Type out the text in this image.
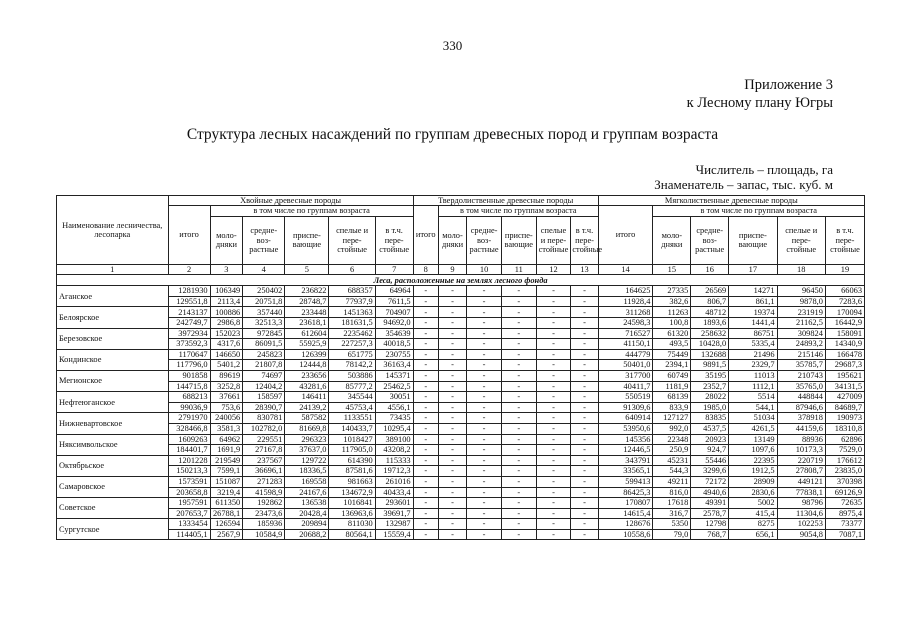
330
Приложение 3
к Лесному плану Югры
Структура лесных насаждений по группам древесных пород и группам возраста
Числитель – площадь, га
Знаменатель – запас, тыс. куб. м
Наименование лесничества, лесопарка	Хвойные древесные породы						Твердолиственные древесные породы						Мягколиственные древесные породы					
	итого	в том числе по группам возраста					итого	в том числе по группам возраста					итого	в том числе по группам возраста				
		моло-дняки	средне-воз-растные	приспе-вающие	спелые и пере-стойные	в т.ч. пере-стойные		моло-дняки	средне-воз-растные	приспе-вающие	спелые и пере-стойные	в т.ч. пере-стойные		моло-дняки	средне-воз-растные	приспе-вающие	спелые и пере-стойные	в т.ч. пере-стойные
1	2	3	4	5	6	7	8	9	10	11	12	13	14	15	16	17	18	19
Леса, расположенные на землях лесного фонда																		
Аганское	1281930	106349	250402	236822	688357	64964	-	-	-	-	-	-	164625	27335	26569	14271	96450	66063
	129551,8	2113,4	20751,8	28748,7	77937,9	7611,5	-	-	-	-	-	-	11928,4	382,6	806,7	861,1	9878,0	7283,6
Белоярское	2143137	100886	357440	233448	1451363	704907	-	-	-	-	-	-	311268	11263	48712	19374	231919	170094
	242749,7	2986,8	32513,3	23618,1	181631,5	94692,0	-	-	-	-	-	-	24598,3	100,8	1893,6	1441,4	21162,5	16442,9
Березовское	3972934	152023	972845	612604	2235462	354639	-	-	-	-	-	-	716527	61320	258632	86751	309824	158091
	373592,3	4317,6	86091,5	55925,9	227257,3	40018,5	-	-	-	-	-	-	41150,1	493,5	10428,0	5335,4	24893,2	14340,9
Кондинское	1170647	146650	245823	126399	651775	230755	-	-	-	-	-	-	444779	75449	132688	21496	215146	166478
	117796,0	5401,2	21807,8	12444,8	78142,2	36163,4	-	-	-	-	-	-	50401,0	2394,1	9891,5	2329,7	35785,7	29687,3
Мегионское	901858	89619	74697	233656	503886	145371	-	-	-	-	-	-	317700	60749	35195	11013	210743	195621
	144715,8	3252,8	12404,2	43281,6	85777,2	25462,5	-	-	-	-	-	-	40411,7	1181,9	2352,7	1112,1	35765,0	34131,5
Нефтеюганское	688213	37661	158597	146411	345544	30051	-	-	-	-	-	-	550519	68139	28022	5514	448844	427009
	99036,9	753,6	28390,7	24139,2	45753,4	4556,1	-	-	-	-	-	-	91309,6	833,9	1985,0	544,1	87946,6	84689,7
Нижневартовское	2791970	240056	830781	587582	1133551	73435	-	-	-	-	-	-	640914	127127	83835	51034	378918	190973
	328466,8	3581,3	102782,0	81669,8	140433,7	10295,4	-	-	-	-	-	-	53950,6	992,0	4537,5	4261,5	44159,6	18310,8
Няксимвольское	1609263	64962	229551	296323	1018427	389100	-	-	-	-	-	-	145356	22348	20923	13149	88936	62896
	184401,7	1691,9	27167,8	37637,0	117905,0	43208,2	-	-	-	-	-	-	12446,5	250,9	924,7	1097,6	10173,3	7529,0
Октябрьское	1201228	219549	237567	129722	614390	115333	-	-	-	-	-	-	343791	45231	55446	22395	220719	176612
	150213,3	7599,1	36696,1	18336,5	87581,6	19712,3	-	-	-	-	-	-	33565,1	544,3	3299,6	1912,5	27808,7	23835,0
Самаровское	1573591	151087	271283	169558	981663	261016	-	-	-	-	-	-	599413	49211	72172	28909	449121	370398
	203658,8	3219,4	41598,9	24167,6	134672,9	40433,4	-	-	-	-	-	-	86425,3	816,0	4940,6	2830,6	77838,1	69126,9
Советское	1957591	611350	192862	136538	1016841	293601	-	-	-	-	-	-	170807	17618	49391	5002	98796	72635
	207653,7	26788,1	23473,6	20428,4	136963,6	39691,7	-	-	-	-	-	-	14615,4	316,7	2578,7	415,4	11304,6	8975,4
Сургутское	1333454	126594	185936	209894	811030	132987	-	-	-	-	-	-	128676	5350	12798	8275	102253	73377
	114405,1	2567,9	10584,9	20688,2	80564,1	15559,4	-	-	-	-	-	-	10558,6	79,0	768,7	656,1	9054,8	7087,1
